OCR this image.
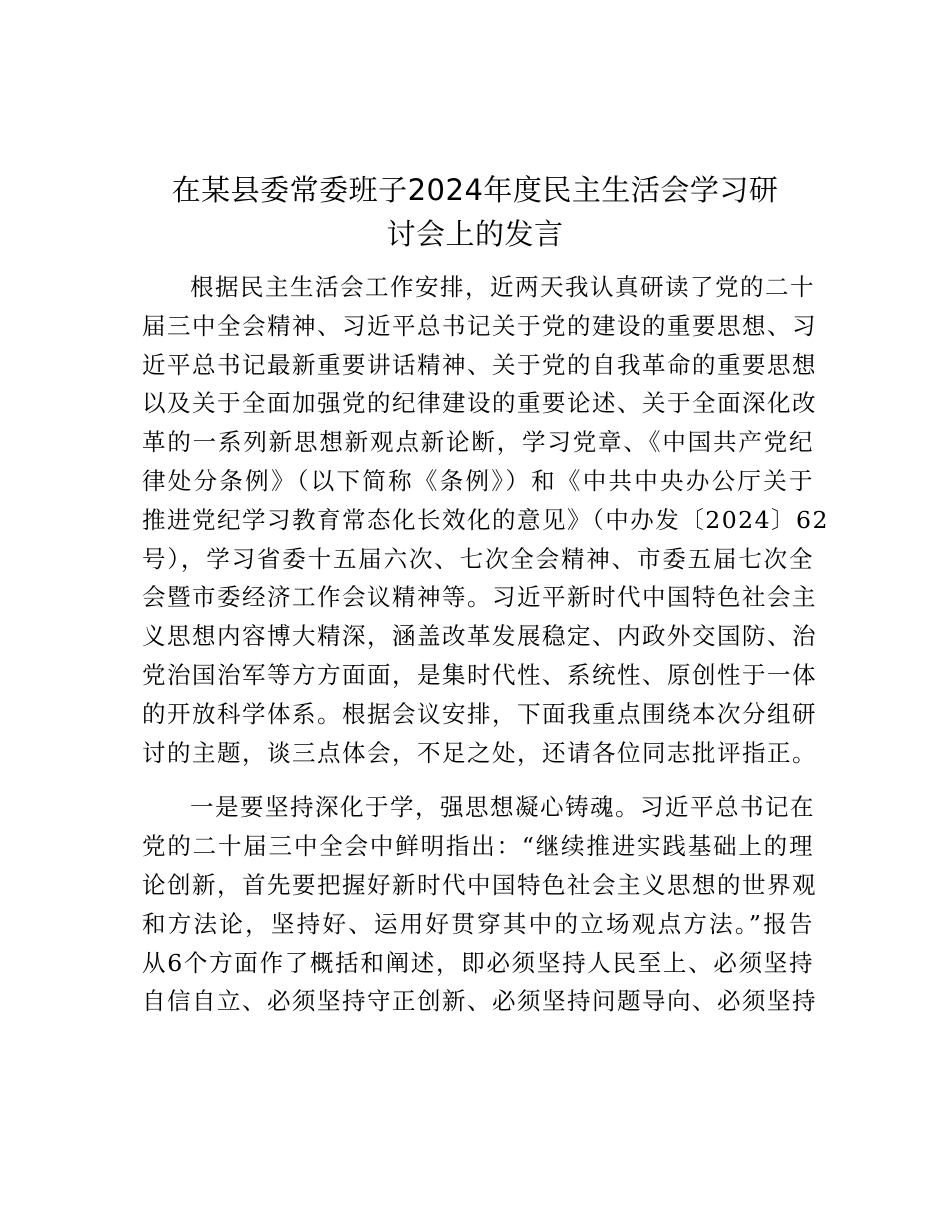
在某县委常委班子2024年度民主生活会学习研
讨会上的发言
根据民主生活会工作安排，近两天我认真研读了党的二十
届三中全会精神、习近平总书记关于党的建设的重要思想、习
近平总书记最新重要讲话精神、关于党的自我革命的重要思想
以及关于全面加强党的纪律建设的重要论述、关于全面深化改
革的一系列新思想新观点新论断，学习党章、《中国共产党纪
律处分条例》（以下简称《条例》）和《中共中央办公厅关于
推进党纪学习教育常态化长效化的意见》（中办发〔2024〕62
号），学习省委十五届六次、七次全会精神、市委五届七次全
会暨市委经济工作会议精神等。习近平新时代中国特色社会主
义思想内容博大精深，涵盖改革发展稳定、内政外交国防、治
党治国治军等方方面面，是集时代性、系统性、原创性于一体
的开放科学体系。根据会议安排，下面我重点围绕本次分组研
讨的主题，谈三点体会，不足之处，还请各位同志批评指正。
一是要坚持深化于学，强思想凝心铸魂。习近平总书记在
党的二十届三中全会中鲜明指出：“继续推进实践基础上的理
论创新，首先要把握好新时代中国特色社会主义思想的世界观
和方法论，坚持好、运用好贯穿其中的立场观点方法。”报告
从6个方面作了概括和阐述，即必须坚持人民至上、必须坚持
自信自立、必须坚持守正创新、必须坚持问题导向、必须坚持
